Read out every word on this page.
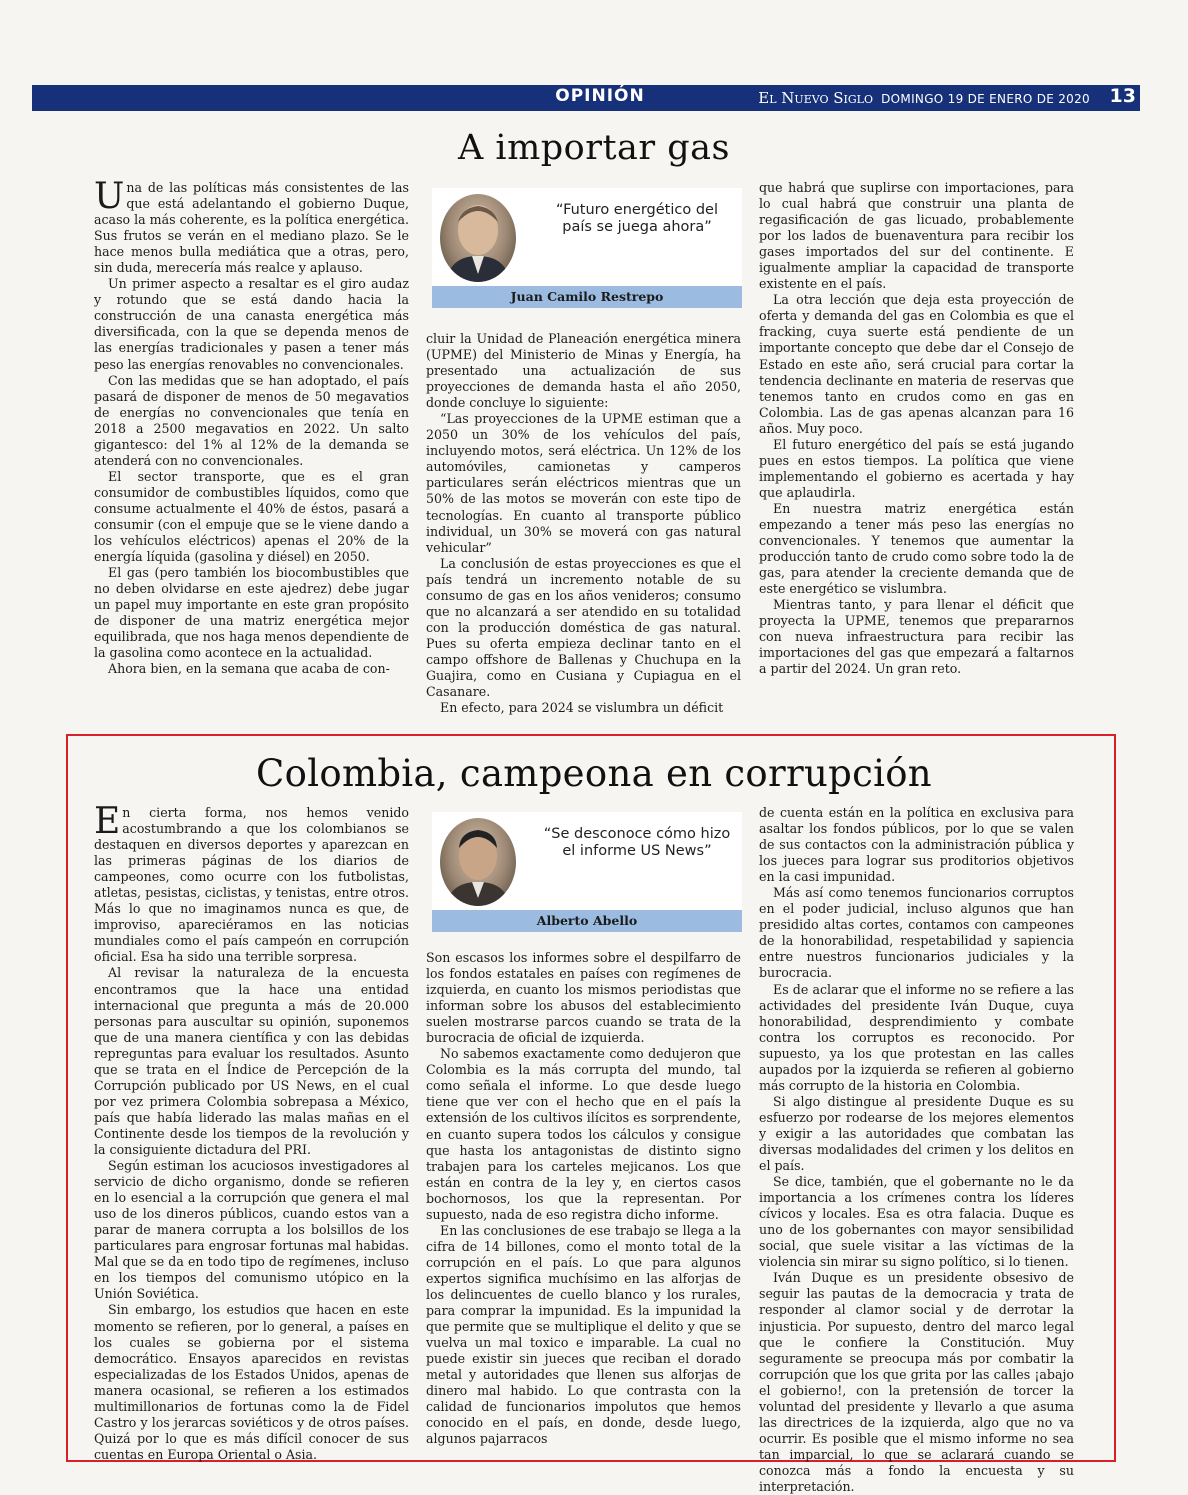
OPINIÓN	El Nuevo Siglo DOMINGO 19 DE ENERO DE 2020 13
A importar gas

Una de las políticas más consistentes de las que está adelantando el gobierno Duque, acaso la más coherente, es la política energética. Sus frutos se verán en el mediano plazo. Se le hace menos bulla mediática que a otras, pero, sin duda, merecería más realce y aplauso.

Un primer aspecto a resaltar es el giro audaz y rotundo que se está dando hacia la construcción de una canasta energética más diversificada, con la que se dependa menos de las energías tradicionales y pasen a tener más peso las energías renovables no convencionales.

Con las medidas que se han adoptado, el país pasará de disponer de menos de 50 megavatios de energías no convencionales que tenía en 2018 a 2500 megavatios en 2022. Un salto gigantesco: del 1% al 12% de la demanda se atenderá con no convencionales.

El sector transporte, que es el gran consumidor de combustibles líquidos, como que consume actualmente el 40% de éstos, pasará a consumir (con el empuje que se le viene dando a los vehículos eléctricos) apenas el 20% de la energía líquida (gasolina y diésel) en 2050.

El gas (pero también los biocombustibles que no deben olvidarse en este ajedrez) debe jugar un papel muy importante en este gran propósito de disponer de una matriz energética mejor equilibrada, que nos haga menos dependiente de la gasolina como acontece en la actualidad.

Ahora bien, en la semana que acaba de con-

“Futuro energético del país se juega ahora”
Juan Camilo Restrepo

cluir la Unidad de Planeación energética minera (UPME) del Ministerio de Minas y Energía, ha presentado una actualización de sus proyecciones de demanda hasta el año 2050, donde concluye lo siguiente:

“Las proyecciones de la UPME estiman que a 2050 un 30% de los vehículos del país, incluyendo motos, será eléctrica. Un 12% de los automóviles, camionetas y camperos particulares serán eléctricos mientras que un 50% de las motos se moverán con este tipo de tecnologías. En cuanto al transporte público individual, un 30% se moverá con gas natural vehicular”

La conclusión de estas proyecciones es que el país tendrá un incremento notable de su consumo de gas en los años venideros; consumo que no alcanzará a ser atendido en su totalidad con la producción doméstica de gas natural. Pues su oferta empieza declinar tanto en el campo offshore de Ballenas y Chuchupa en la Guajira, como en Cusiana y Cupiagua en el Casanare.

En efecto, para 2024 se vislumbra un déficit

que habrá que suplirse con importaciones, para lo cual habrá que construir una planta de regasificación de gas licuado, probablemente por los lados de buenaventura para recibir los gases importados del sur del continente. E igualmente ampliar la capacidad de transporte existente en el país.

La otra lección que deja esta proyección de oferta y demanda del gas en Colombia es que el fracking, cuya suerte está pendiente de un importante concepto que debe dar el Consejo de Estado en este año, será crucial para cortar la tendencia declinante en materia de reservas que tenemos tanto en crudos como en gas en Colombia. Las de gas apenas alcanzan para 16 años. Muy poco.

El futuro energético del país se está jugando pues en estos tiempos. La política que viene implementando el gobierno es acertada y hay que aplaudirla.

En nuestra matriz energética están empezando a tener más peso las energías no convencionales. Y tenemos que aumentar la producción tanto de crudo como sobre todo la de gas, para atender la creciente demanda que de este energético se vislumbra.

Mientras tanto, y para llenar el déficit que proyecta la UPME, tenemos que prepararnos con nueva infraestructura para recibir las importaciones del gas que empezará a faltarnos a partir del 2024. Un gran reto.

Colombia, campeona en corrupción

En cierta forma, nos hemos venido acostumbrando a que los colombianos se destaquen en diversos deportes y aparezcan en las primeras páginas de los diarios de campeones, como ocurre con los futbolistas, atletas, pesistas, ciclistas, y tenistas, entre otros. Más lo que no imaginamos nunca es que, de improviso, apareciéramos en las noticias mundiales como el país campeón en corrupción oficial. Esa ha sido una terrible sorpresa.

Al revisar la naturaleza de la encuesta encontramos que la hace una entidad internacional que pregunta a más de 20.000 personas para auscultar su opinión, suponemos que de una manera científica y con las debidas repreguntas para evaluar los resultados. Asunto que se trata en el Índice de Percepción de la Corrupción publicado por US News, en el cual por vez primera Colombia sobrepasa a México, país que había liderado las malas mañas en el Continente desde los tiempos de la revolución y la consiguiente dictadura del PRI.

Según estiman los acuciosos investigadores al servicio de dicho organismo, donde se refieren en lo esencial a la corrupción que genera el mal uso de los dineros públicos, cuando estos van a parar de manera corrupta a los bolsillos de los particulares para engrosar fortunas mal habidas. Mal que se da en todo tipo de regímenes, incluso en los tiempos del comunismo utópico en la Unión Soviética.

Sin embargo, los estudios que hacen en este momento se refieren, por lo general, a países en los cuales se gobierna por el sistema democrático. Ensayos aparecidos en revistas especializadas de los Estados Unidos, apenas de manera ocasional, se refieren a los estimados multimillonarios de fortunas como la de Fidel Castro y los jerarcas soviéticos y de otros países. Quizá por lo que es más difícil conocer de sus cuentas en Europa Oriental o Asia.

“Se desconoce cómo hizo el informe US News”
Alberto Abello

Son escasos los informes sobre el despilfarro de los fondos estatales en países con regímenes de izquierda, en cuanto los mismos periodistas que informan sobre los abusos del establecimiento suelen mostrarse parcos cuando se trata de la burocracia de oficial de izquierda.

No sabemos exactamente como dedujeron que Colombia es la más corrupta del mundo, tal como señala el informe. Lo que desde luego tiene que ver con el hecho que en el país la extensión de los cultivos ilícitos es sorprendente, en cuanto supera todos los cálculos y consigue que hasta los antagonistas de distinto signo trabajen para los carteles mejicanos. Los que están en contra de la ley y, en ciertos casos bochornosos, los que la representan. Por supuesto, nada de eso registra dicho informe.

En las conclusiones de ese trabajo se llega a la cifra de 14 billones, como el monto total de la corrupción en el país. Lo que para algunos expertos significa muchísimo en las alforjas de los delincuentes de cuello blanco y los rurales, para comprar la impunidad. Es la impunidad la que permite que se multiplique el delito y que se vuelva un mal toxico e imparable. La cual no puede existir sin jueces que reciban el dorado metal y autoridades que llenen sus alforjas de dinero mal habido. Lo que contrasta con la calidad de funcionarios impolutos que hemos conocido en el país, en donde, desde luego, algunos pajarracos

de cuenta están en la política en exclusiva para asaltar los fondos públicos, por lo que se valen de sus contactos con la administración pública y los jueces para lograr sus proditorios objetivos en la casi impunidad.

Más así como tenemos funcionarios corruptos en el poder judicial, incluso algunos que han presidido altas cortes, contamos con campeones de la honorabilidad, respetabilidad y sapiencia entre nuestros funcionarios judiciales y la burocracia.

Es de aclarar que el informe no se refiere a las actividades del presidente Iván Duque, cuya honorabilidad, desprendimiento y combate contra los corruptos es reconocido. Por supuesto, ya los que protestan en las calles aupados por la izquierda se refieren al gobierno más corrupto de la historia en Colombia.

Si algo distingue al presidente Duque es su esfuerzo por rodearse de los mejores elementos y exigir a las autoridades que combatan las diversas modalidades del crimen y los delitos en el país.

Se dice, también, que el gobernante no le da importancia a los crímenes contra los líderes cívicos y locales. Esa es otra falacia. Duque es uno de los gobernantes con mayor sensibilidad social, que suele visitar a las víctimas de la violencia sin mirar su signo político, si lo tienen.

Iván Duque es un presidente obsesivo de seguir las pautas de la democracia y trata de responder al clamor social y de derrotar la injusticia. Por supuesto, dentro del marco legal que le confiere la Constitución. Muy seguramente se preocupa más por combatir la corrupción que los que grita por las calles ¡abajo el gobierno!, con la pretensión de torcer la voluntad del presidente y llevarlo a que asuma las directrices de la izquierda, algo que no va ocurrir. Es posible que el mismo informe no sea tan imparcial, lo que se aclarará cuando se conozca más a fondo la encuesta y su interpretación.
